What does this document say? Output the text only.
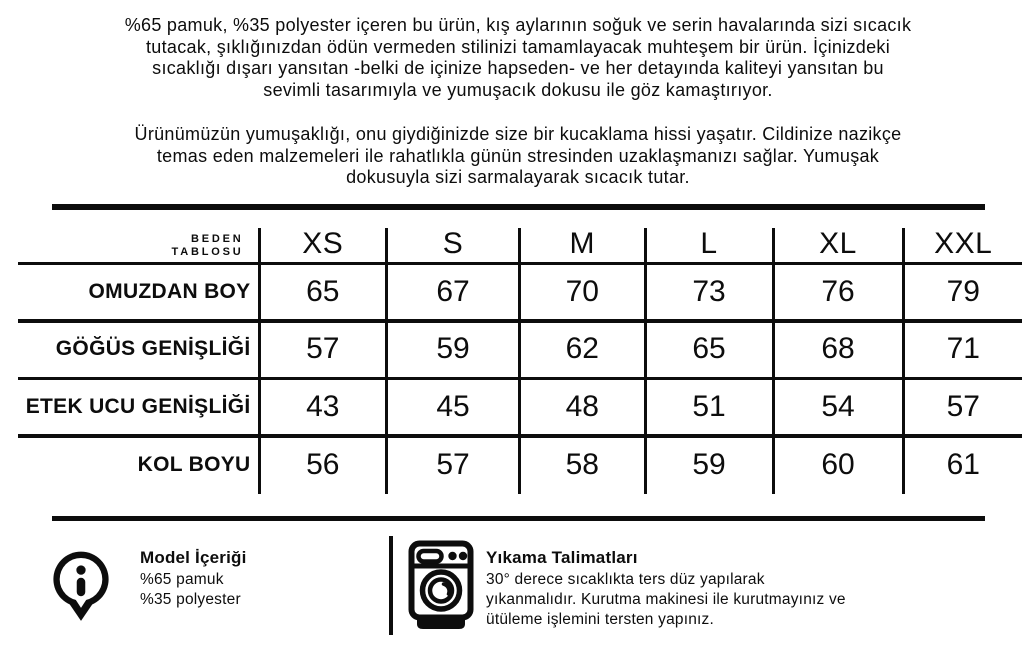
%65 pamuk, %35 polyester içeren bu ürün, kış aylarının soğuk ve serin havalarında sizi sıcacık
tutacak, şıklığınızdan ödün vermeden stilinizi tamamlayacak muhteşem bir ürün. İçinizdeki
sıcaklığı dışarı yansıtan -belki de içinize hapseden- ve her detayında kaliteyi yansıtan bu
sevimli tasarımıyla ve yumuşacık dokusu ile göz kamaştırıyor.
Ürünümüzün yumuşaklığı, onu giydiğinizde size bir kucaklama hissi yaşatır. Cildinize nazikçe
temas eden malzemeleri ile rahatlıkla günün stresinden uzaklaşmanızı sağlar. Yumuşak
dokusuyla sizi sarmalayarak sıcacık tutar.
BEDEN
TABLOSU	XS	S	M	L	XL	XXL
OMUZDAN BOY	65	67	70	73	76	79
GÖĞÜS GENİŞLİĞİ	57	59	62	65	68	71
ETEK UCU GENİŞLİĞİ	43	45	48	51	54	57
KOL BOYU	56	57	58	59	60	61
Model İçeriği
%65 pamuk
%35 polyester
Yıkama Talimatları
30° derece sıcaklıkta ters düz yapılarak
yıkanmalıdır. Kurutma makinesi ile kurutmayınız ve
ütüleme işlemini tersten yapınız.
